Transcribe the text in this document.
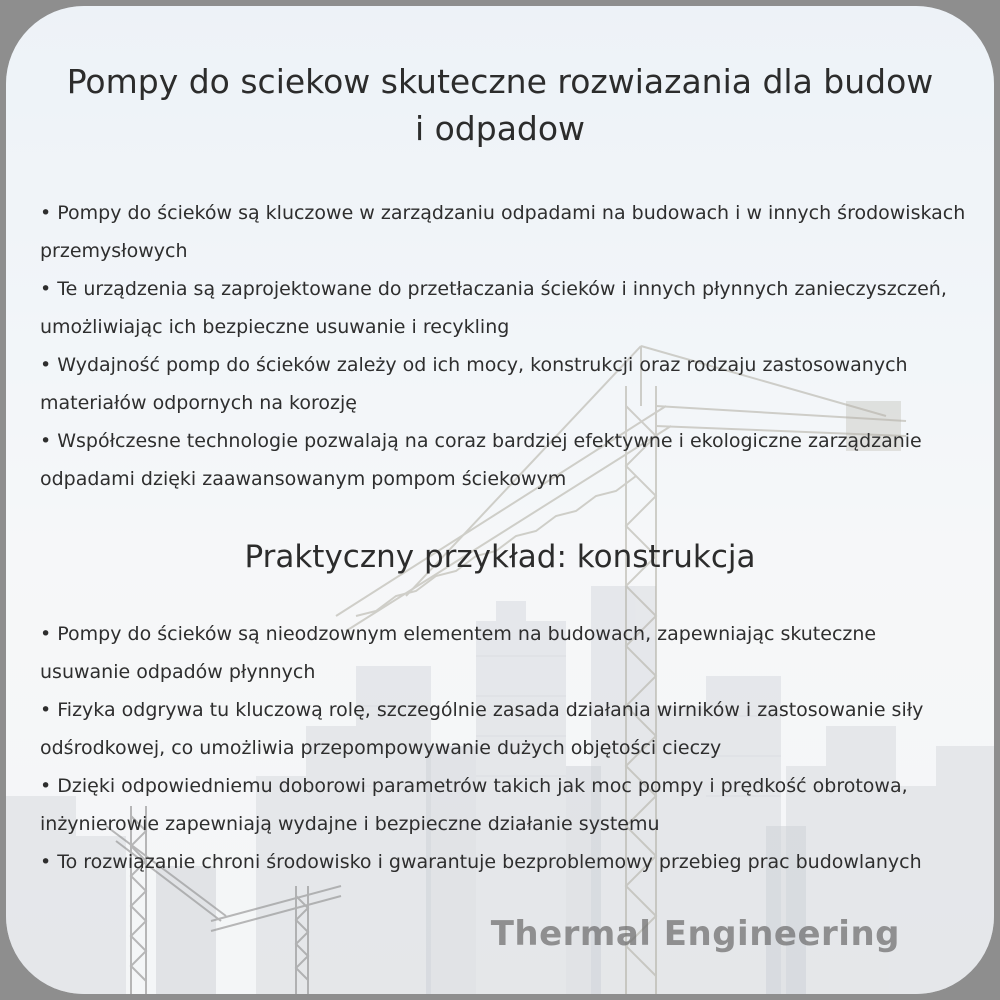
Pompy do sciekow skuteczne rozwiazania dla budow i odpadow
• Pompy do ścieków są kluczowe w zarządzaniu odpadami na budowach i w innych środowiskach przemysłowych
• Te urządzenia są zaprojektowane do przetłaczania ścieków i innych płynnych zanieczyszczeń, umożliwiając ich bezpieczne usuwanie i recykling
• Wydajność pomp do ścieków zależy od ich mocy, konstrukcji oraz rodzaju zastosowanych materiałów odpornych na korozję
• Współczesne technologie pozwalają na coraz bardziej efektywne i ekologiczne zarządzanie odpadami dzięki zaawansowanym pompom ściekowym
Praktyczny przykład: konstrukcja
• Pompy do ścieków są nieodzownym elementem na budowach, zapewniając skuteczne usuwanie odpadów płynnych
• Fizyka odgrywa tu kluczową rolę, szczególnie zasada działania wirników i zastosowanie siły odśrodkowej, co umożliwia przepompowywanie dużych objętości cieczy
• Dzięki odpowiedniemu doborowi parametrów takich jak moc pompy i prędkość obrotowa, inżynierowie zapewniają wydajne i bezpieczne działanie systemu
• To rozwiązanie chroni środowisko i gwarantuje bezproblemowy przebieg prac budowlanych
Thermal Engineering
